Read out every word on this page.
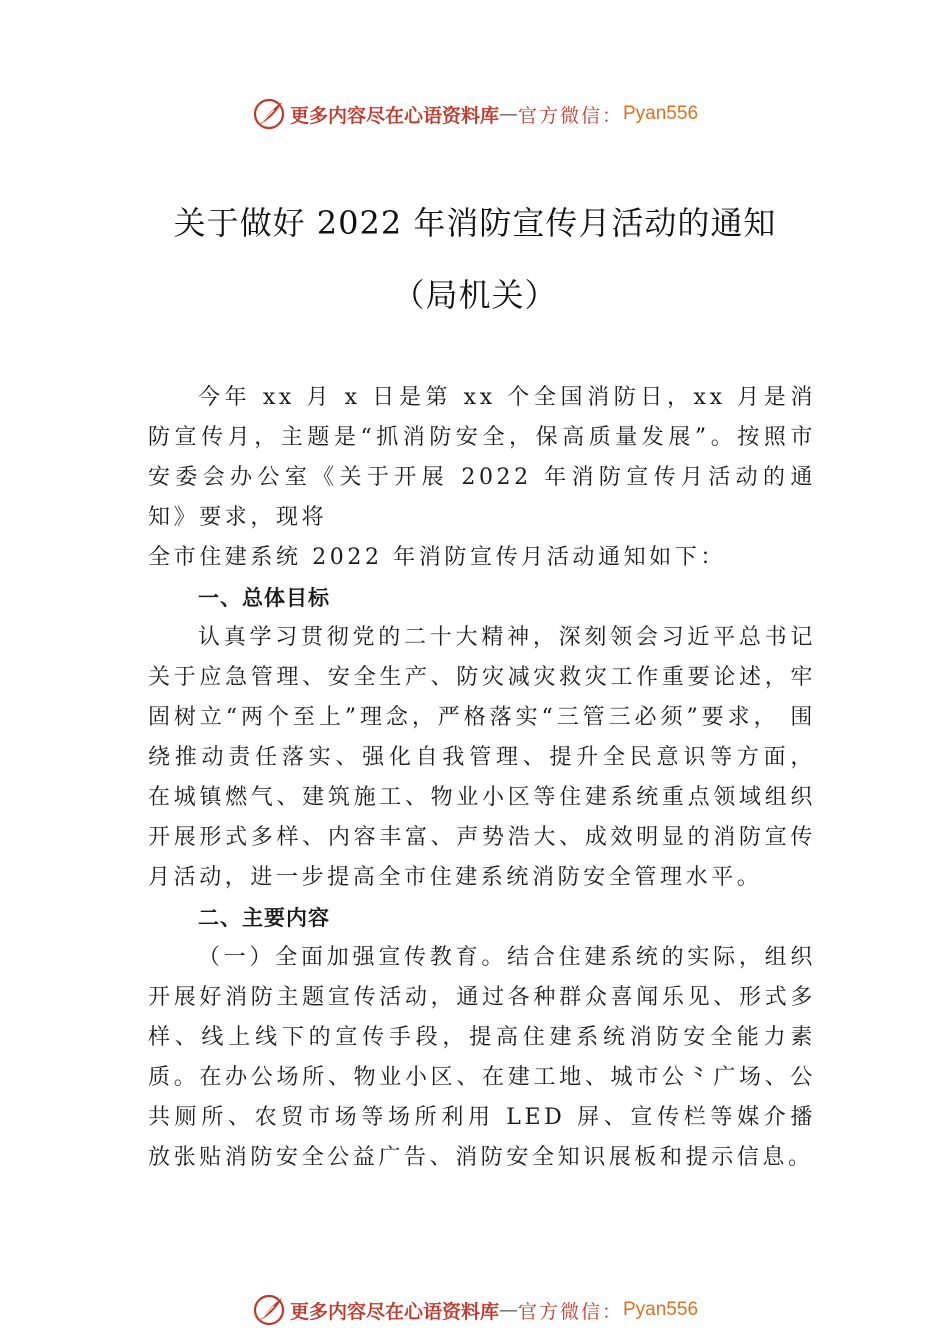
更多内容尽在心语资料库 — 官方微信： Pyan556
关于做好 2022 年消防宣传月活动的通知
（局机关）

今年 xx 月 x 日是第 xx 个全国消防日，xx 月是消防宣传月，主题是“抓消防安全，保高质量发展”。按照市安委会办公室《关于开展 2022 年消防宣传月活动的通知》要求，现将

全市住建系统 2022 年消防宣传月活动通知如下：

一、总体目标

认真学习贯彻党的二十大精神，深刻领会习近平总书记关于应急管理、安全生产、防灾减灾救灾工作重要论述，牢固树立“两个至上”理念，严格落实“三管三必须”要求， 围绕推动责任落实、强化自我管理、提升全民意识等方面， 在城镇燃气、建筑施工、物业小区等住建系统重点领域组织开展形式多样、内容丰富、声势浩大、成效明显的消防宣传月活动，进一步提高全市住建系统消防安全管理水平。

二、主要内容

（一）全面加强宣传教育。结合住建系统的实际，组织开展好消防主题宣传活动，通过各种群众喜闻乐见、形式多样、线上线下的宣传手段，提高住建系统消防安全能力素质。在办公场所、物业小区、在建工地、城市公⺀广场、公共厕所、农贸市场等场所利用 LED 屏、宣传栏等媒介播放张贴消防安全公益广告、消防安全知识展板和提示信息。

更多内容尽在心语资料库 — 官方微信： Pyan556
